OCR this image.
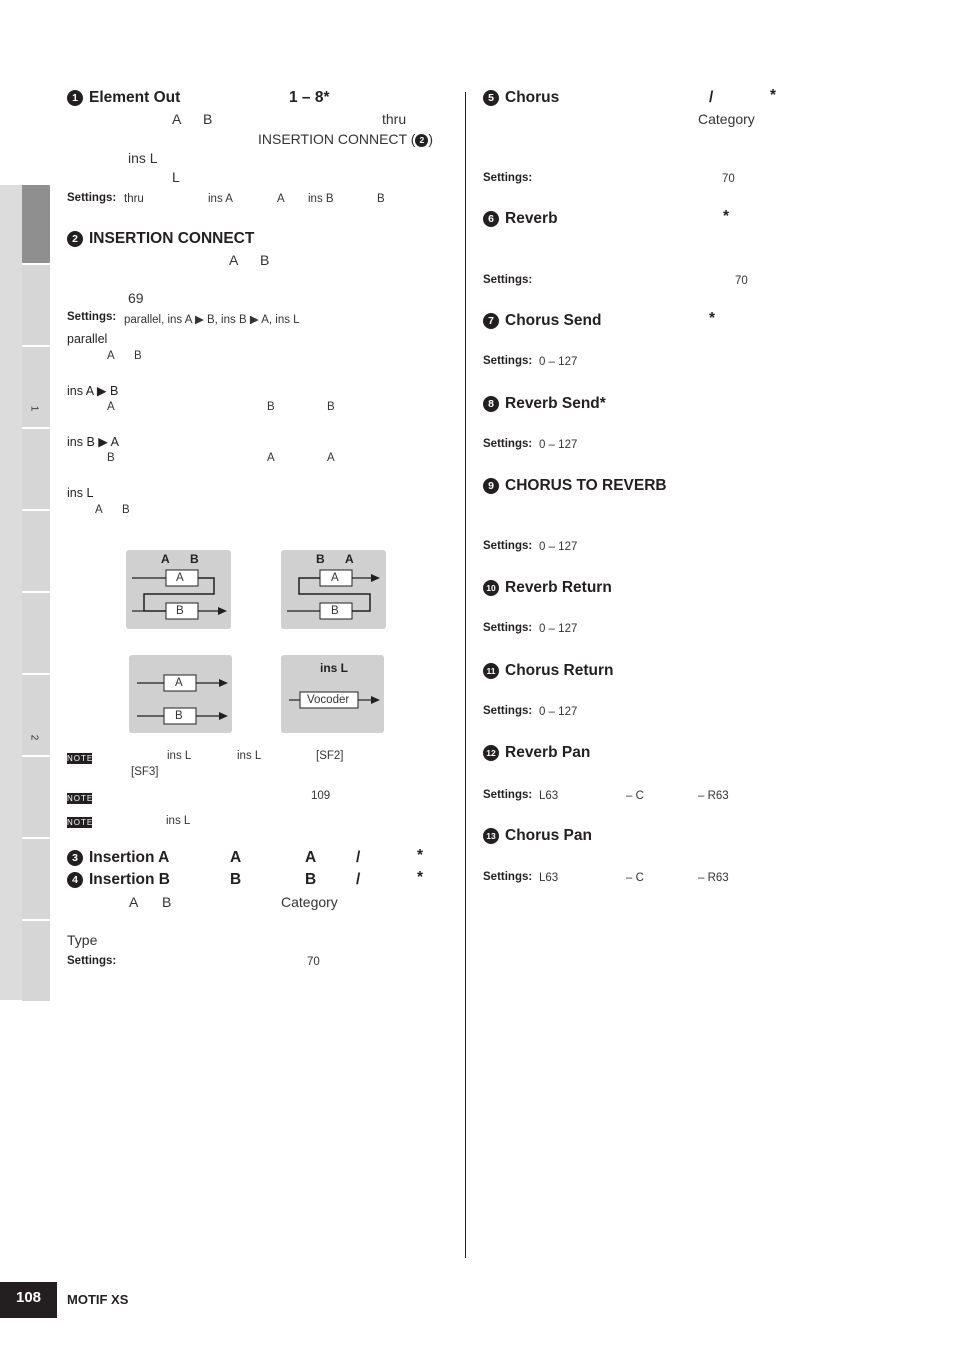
1
2
1 Element Out	1 – 8*
A B	thru
INSERTION CONNECT ( 2 )
ins L
L
Settings: thru	ins A	A ins B	B
2 INSERTION CONNECT
A B
69
Settings: parallel, ins A ▶ B, ins B ▶ A, ins L
parallel
A B
ins A ▶ B
A	B	B
ins B ▶ A
B	A	A
ins L
A B
A B
A
B
B A
A
B
A
B
ins L
Vocoder
NOTE	ins L	ins L	[SF2]
[SF3]
NOTE	109
NOTE	ins L
3 Insertion A	A	A	/	*
4 Insertion B	B	B	/	*
A B	Category
Type
Settings:	70
5 Chorus	/	*
Category
Settings:	70
6 Reverb	*
Settings:	70
7 Chorus Send	*
Settings: 0 – 127
8 Reverb Send*
Settings: 0 – 127
9 CHORUS TO REVERB
Settings: 0 – 127
10 Reverb Return
Settings: 0 – 127
11 Chorus Return
Settings: 0 – 127
12 Reverb Pan
Settings: L63	– C	– R63
13 Chorus Pan
Settings: L63	– C	– R63
108	MOTIF XS
